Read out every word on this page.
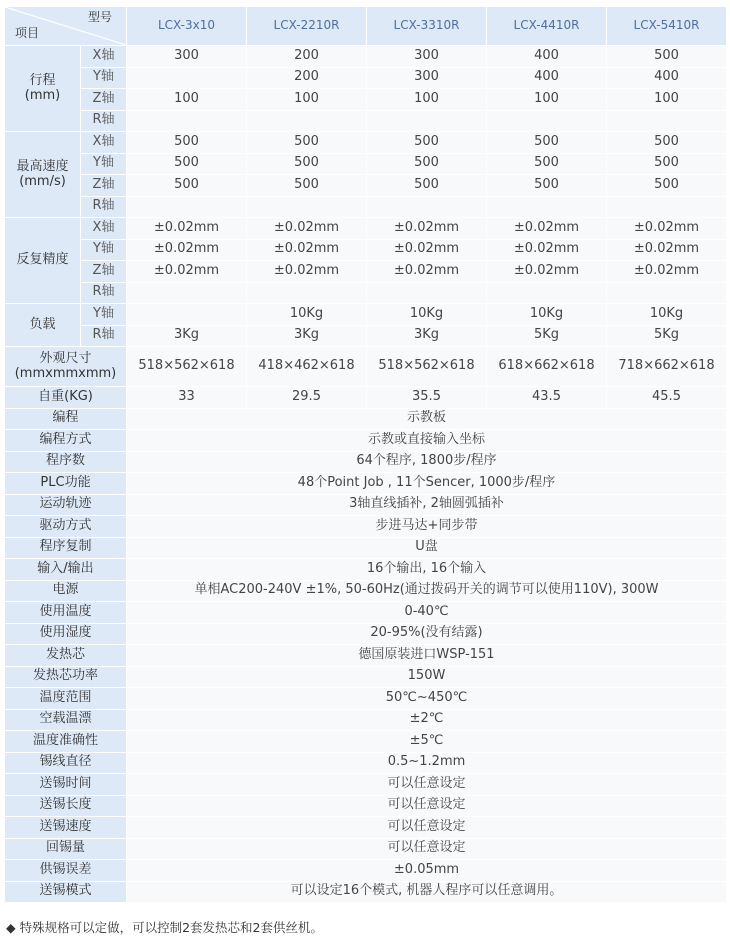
型号
项目		LCX-3x10	LCX-2210R	LCX-3310R	LCX-4410R	LCX-5410R

行程
(mm)	X轴	300	200	300	400	500
	Y轴		200	300	400	400
	Z轴	100	100	100	100	100
	R轴					

最高速度
(mm/s)	X轴	500	500	500	500	500
	Y轴	500	500	500	500	500
	Z轴	500	500	500	500	500
	R轴					

反复精度	X轴	±0.02mm	±0.02mm	±0.02mm	±0.02mm	±0.02mm
	Y轴	±0.02mm	±0.02mm	±0.02mm	±0.02mm	±0.02mm
	Z轴	±0.02mm	±0.02mm	±0.02mm	±0.02mm	±0.02mm
	R轴					

负载	Y轴		10Kg	10Kg	10Kg	10Kg
	R轴	3Kg	3Kg	3Kg	5Kg	5Kg

外观尺寸
(mmxmmxmm)		518×562×618	418×462×618	518×562×618	618×662×618	718×662×618
自重(KG)		33	29.5	35.5	43.5	45.5
编程		示教板				
编程方式		示教或直接输入坐标				
程序数		64个程序, 1800步/程序				
PLC功能		48个Point Job , 11个Sencer, 1000步/程序				
运动轨迹		3轴直线插补, 2轴圆弧插补				
驱动方式		步进马达+同步带				
程序复制		U盘				
输入/输出		16个输出, 16个输入				
电源		单相AC200-240V ±1%, 50-60Hz(通过拨码开关的调节可以使用110V), 300W				
使用温度		0-40℃				
使用湿度		20-95%(没有结露)				
发热芯		德国原装进口WSP-151				
发热芯功率		150W				
温度范围		50℃~450℃				
空载温漂		±2℃				
温度准确性		±5℃				
锡线直径		0.5~1.2mm				
送锡时间		可以任意设定				
送锡长度		可以任意设定				
送锡速度		可以任意设定				
回锡量		可以任意设定				
供锡误差		±0.05mm				
送锡模式		可以设定16个模式, 机器人程序可以任意调用。				
◆ 特殊规格可以定做，可以控制2套发热芯和2套供丝机。
